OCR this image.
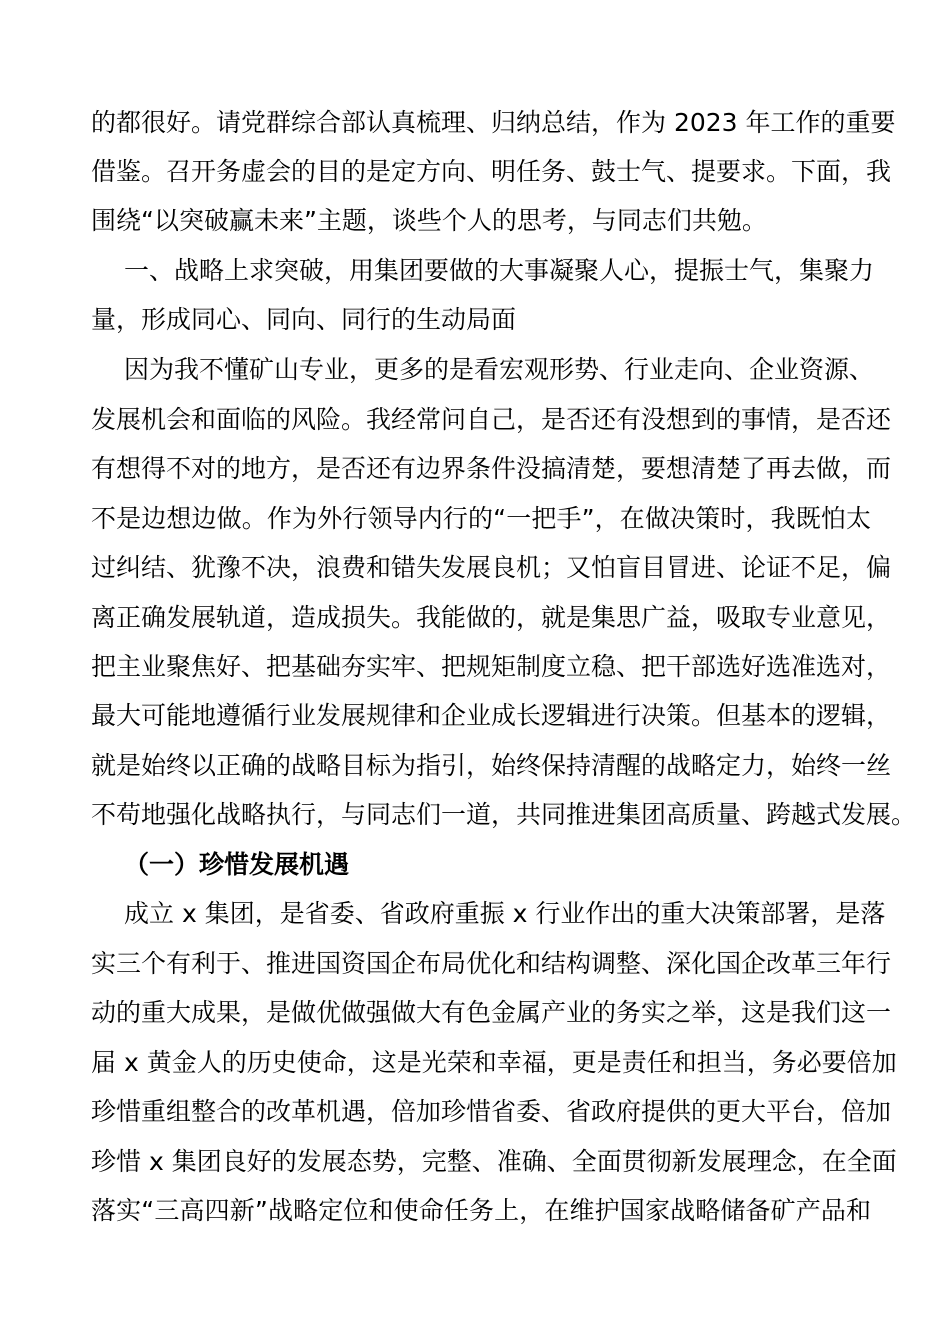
的都很好。请党群综合部认真梳理、归纳总结，作为 2023 年工作的重要
借鉴。召开务虚会的目的是定方向、明任务、鼓士气、提要求。下面，我
围绕“以突破赢未来”主题，谈些个人的思考，与同志们共勉。
一、战略上求突破，用集团要做的大事凝聚人心，提振士气，集聚力
量，形成同心、同向、同行的生动局面
因为我不懂矿山专业，更多的是看宏观形势、行业走向、企业资源、
发展机会和面临的风险。我经常问自己，是否还有没想到的事情，是否还
有想得不对的地方，是否还有边界条件没搞清楚，要想清楚了再去做，而
不是边想边做。作为外行领导内行的“一把手”，在做决策时，我既怕太
过纠结、犹豫不决，浪费和错失发展良机；又怕盲目冒进、论证不足，偏
离正确发展轨道，造成损失。我能做的，就是集思广益，吸取专业意见，
把主业聚焦好、把基础夯实牢、把规矩制度立稳、把干部选好选准选对，
最大可能地遵循行业发展规律和企业成长逻辑进行决策。但基本的逻辑，
就是始终以正确的战略目标为指引，始终保持清醒的战略定力，始终一丝
不苟地强化战略执行，与同志们一道，共同推进集团高质量、跨越式发展。
（一）珍惜发展机遇
成立 x 集团，是省委、省政府重振 x 行业作出的重大决策部署，是落
实三个有利于、推进国资国企布局优化和结构调整、深化国企改革三年行
动的重大成果，是做优做强做大有色金属产业的务实之举，这是我们这一
届 x 黄金人的历史使命，这是光荣和幸福，更是责任和担当，务必要倍加
珍惜重组整合的改革机遇，倍加珍惜省委、省政府提供的更大平台，倍加
珍惜 x 集团良好的发展态势，完整、准确、全面贯彻新发展理念，在全面
落实“三高四新”战略定位和使命任务上，在维护国家战略储备矿产品和
